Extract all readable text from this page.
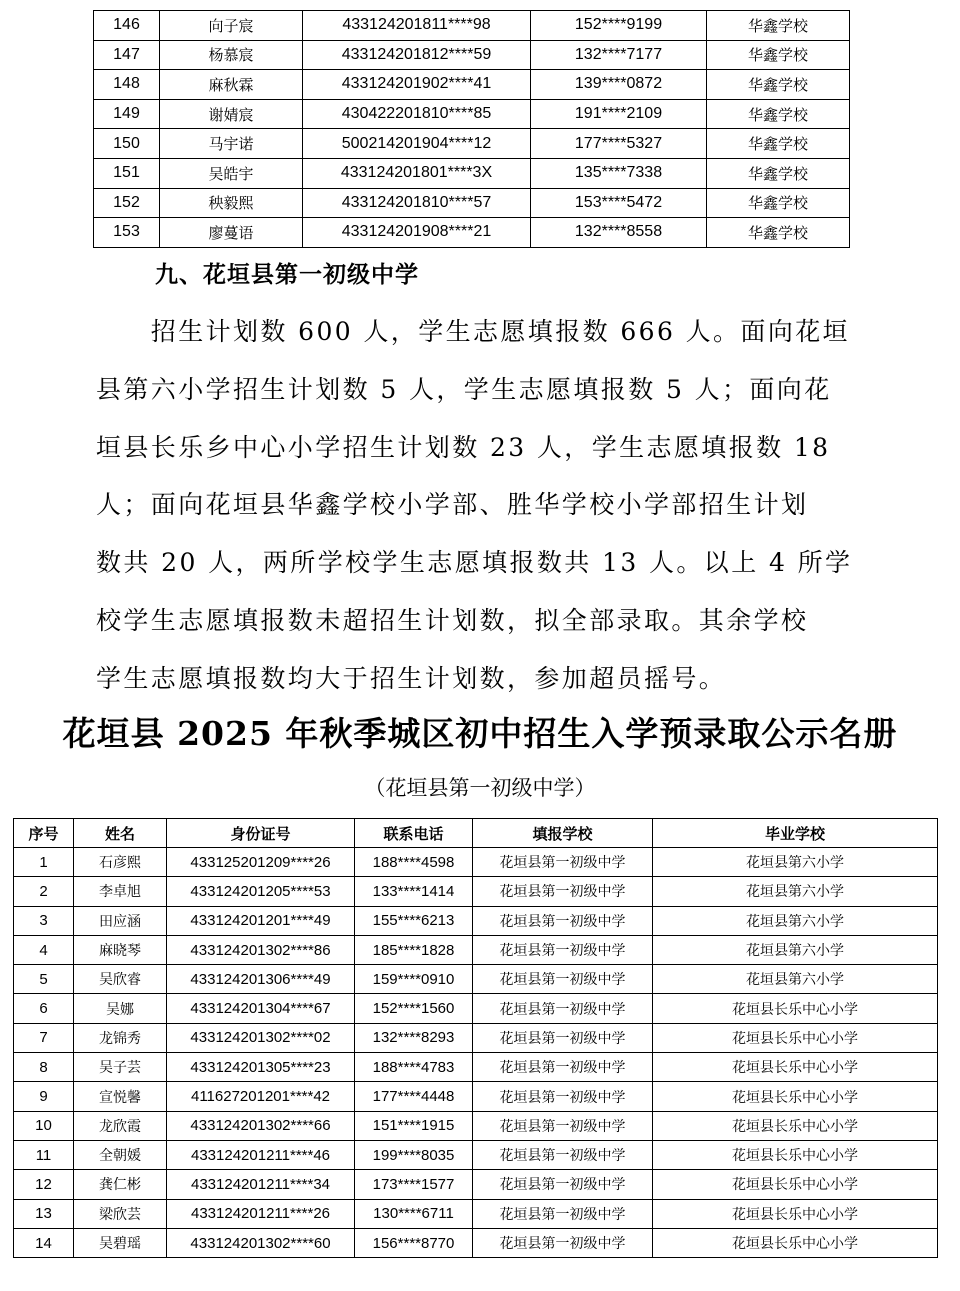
146	向子宸	433124201811****98	152****9199	华鑫学校
147	杨慕宸	433124201812****59	132****7177	华鑫学校
148	麻秋霖	433124201902****41	139****0872	华鑫学校
149	谢婧宸	430422201810****85	191****2109	华鑫学校
150	马宇诺	500214201904****12	177****5327	华鑫学校
151	吴皓宇	433124201801****3X	135****7338	华鑫学校
152	秧毅熙	433124201810****57	153****5472	华鑫学校
153	廖蔓语	433124201908****21	132****8558	华鑫学校
九、花垣县第一初级中学
　　招生计划数 600 人，学生志愿填报数 666 人。面向花垣
县第六小学招生计划数 5 人，学生志愿填报数 5 人；面向花
垣县长乐乡中心小学招生计划数 23 人，学生志愿填报数 18
人；面向花垣县华鑫学校小学部、胜华学校小学部招生计划
数共 20 人，两所学校学生志愿填报数共 13 人。以上 4 所学
校学生志愿填报数未超招生计划数，拟全部录取。其余学校
学生志愿填报数均大于招生计划数，参加超员摇号。
花垣县 2025 年秋季城区初中招生入学预录取公示名册
（花垣县第一初级中学）
序号	姓名	身份证号	联系电话	填报学校	毕业学校
1	石彦熙	433125201209****26	188****4598	花垣县第一初级中学	花垣县第六小学
2	李卓旭	433124201205****53	133****1414	花垣县第一初级中学	花垣县第六小学
3	田应涵	433124201201****49	155****6213	花垣县第一初级中学	花垣县第六小学
4	麻晓琴	433124201302****86	185****1828	花垣县第一初级中学	花垣县第六小学
5	吴欣睿	433124201306****49	159****0910	花垣县第一初级中学	花垣县第六小学
6	吴娜	433124201304****67	152****1560	花垣县第一初级中学	花垣县长乐中心小学
7	龙锦秀	433124201302****02	132****8293	花垣县第一初级中学	花垣县长乐中心小学
8	吴子芸	433124201305****23	188****4783	花垣县第一初级中学	花垣县长乐中心小学
9	宣悦馨	411627201201****42	177****4448	花垣县第一初级中学	花垣县长乐中心小学
10	龙欣霞	433124201302****66	151****1915	花垣县第一初级中学	花垣县长乐中心小学
11	全朝媛	433124201211****46	199****8035	花垣县第一初级中学	花垣县长乐中心小学
12	龚仁彬	433124201211****34	173****1577	花垣县第一初级中学	花垣县长乐中心小学
13	梁欣芸	433124201211****26	130****6711	花垣县第一初级中学	花垣县长乐中心小学
14	吴碧瑶	433124201302****60	156****8770	花垣县第一初级中学	花垣县长乐中心小学
